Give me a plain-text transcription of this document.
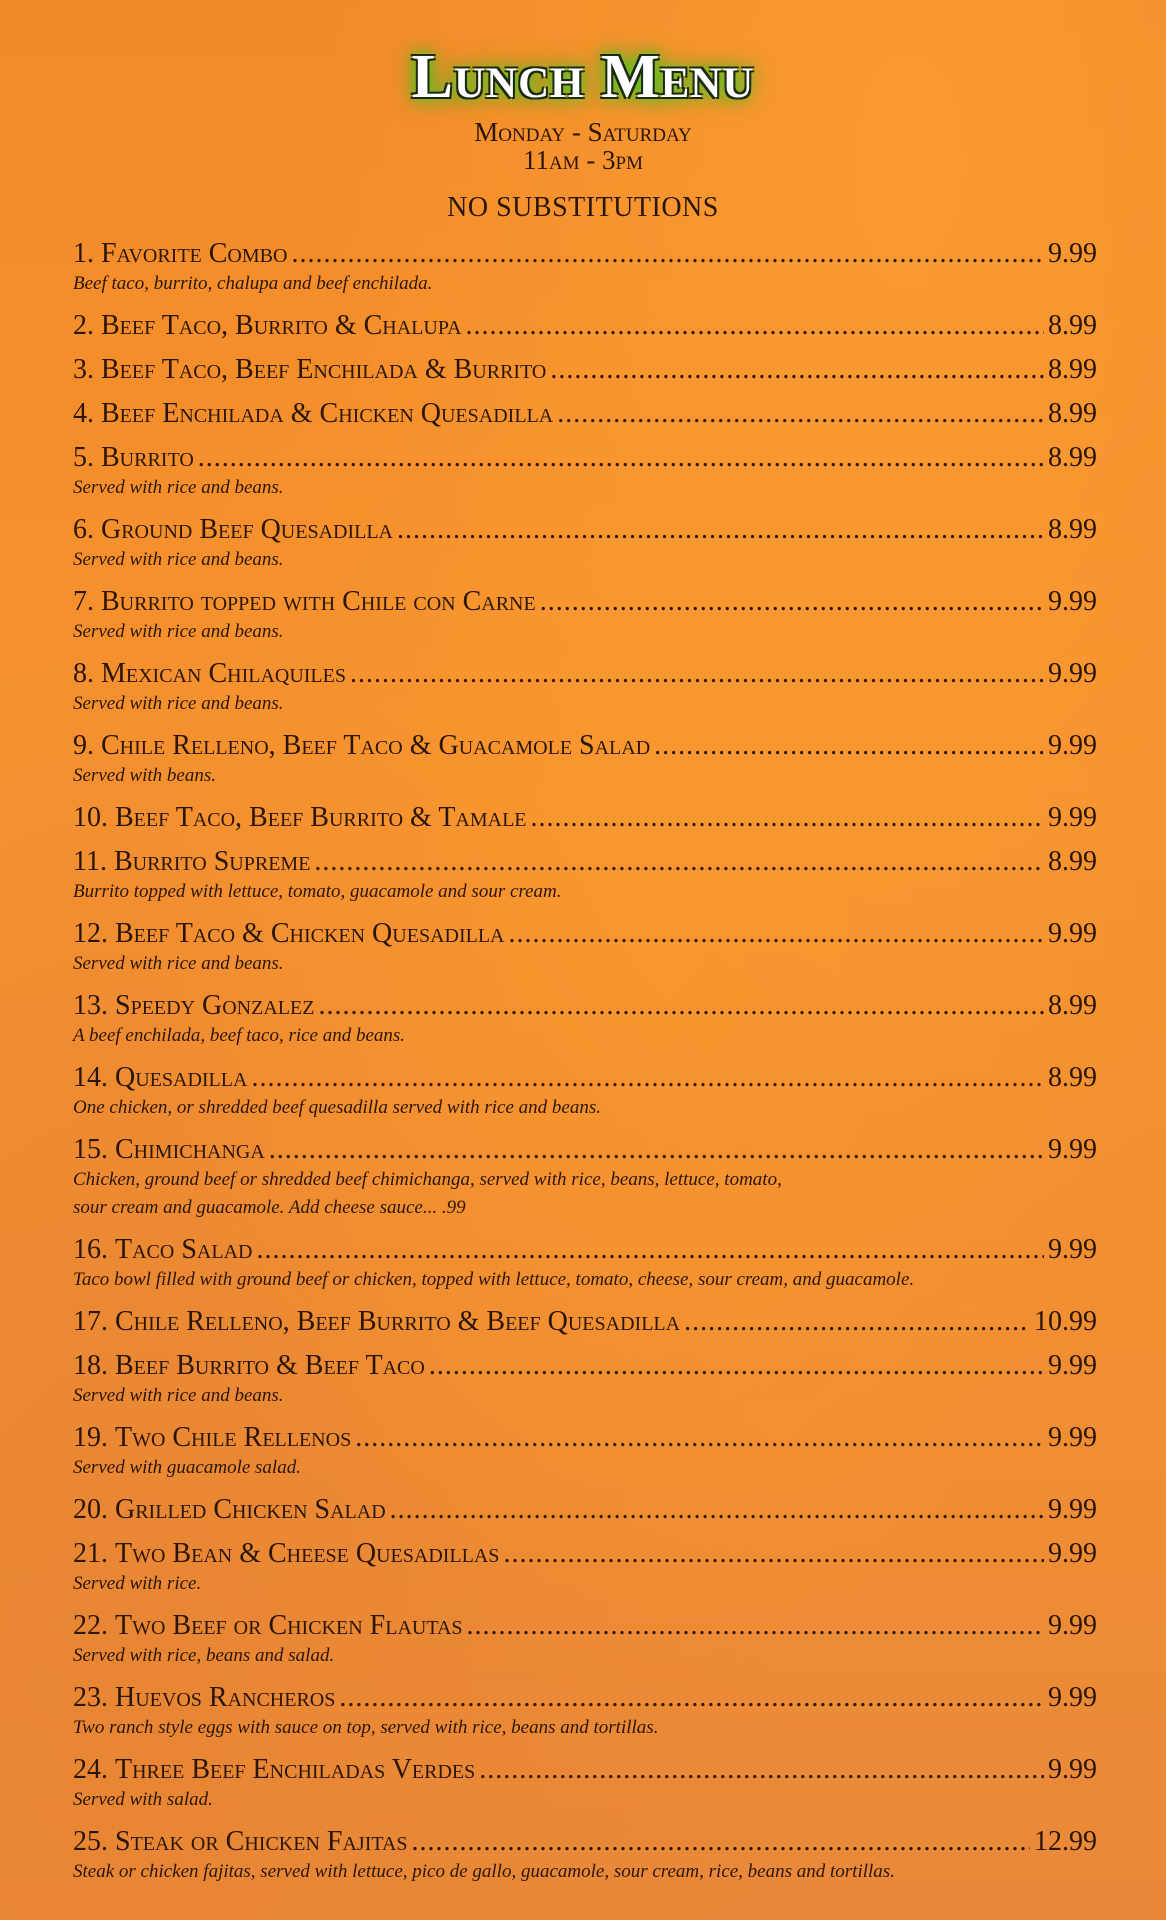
Lunch Menu

Monday - Saturday

11am - 3pm

NO SUBSTITUTIONS

1. Favorite Combo .....	9.99
Beef taco, burrito, chalupa and beef enchilada.
2. Beef Taco, Burrito & Chalupa .....	8.99
3. Beef Taco, Beef Enchilada & Burrito .....	8.99
4. Beef Enchilada & Chicken Quesadilla .....	8.99
5. Burrito .....	8.99
Served with rice and beans.
6. Ground Beef Quesadilla .....	8.99
Served with rice and beans.
7. Burrito topped with Chile con Carne .....	9.99
Served with rice and beans.
8. Mexican Chilaquiles .....	9.99
Served with rice and beans.
9. Chile Relleno, Beef Taco & Guacamole Salad .....	9.99
Served with beans.
10. Beef Taco, Beef Burrito & Tamale .....	9.99
11. Burrito Supreme .....	8.99
Burrito topped with lettuce, tomato, guacamole and sour cream.
12. Beef Taco & Chicken Quesadilla .....	9.99
Served with rice and beans.
13. Speedy Gonzalez .....	8.99
A beef enchilada, beef taco, rice and beans.
14. Quesadilla .....	8.99
One chicken, or shredded beef quesadilla served with rice and beans.
15. Chimichanga .....	9.99
Chicken, ground beef or shredded beef chimichanga, served with rice, beans, lettuce, tomato,
sour cream and guacamole. Add cheese sauce... .99
16. Taco Salad .....	9.99
Taco bowl filled with ground beef or chicken, topped with lettuce, tomato, cheese, sour cream, and guacamole.
17. Chile Relleno, Beef Burrito & Beef Quesadilla .....	10.99
18. Beef Burrito & Beef Taco .....	9.99
Served with rice and beans.
19. Two Chile Rellenos .....	9.99
Served with guacamole salad.
20. Grilled Chicken Salad .....	9.99
21. Two Bean & Cheese Quesadillas .....	9.99
Served with rice.
22. Two Beef or Chicken Flautas .....	9.99
Served with rice, beans and salad.
23. Huevos Rancheros .....	9.99
Two ranch style eggs with sauce on top, served with rice, beans and tortillas.
24. Three Beef Enchiladas Verdes .....	9.99
Served with salad.
25. Steak or Chicken Fajitas .....	12.99
Steak or chicken fajitas, served with lettuce, pico de gallo, guacamole, sour cream, rice, beans and tortillas.
